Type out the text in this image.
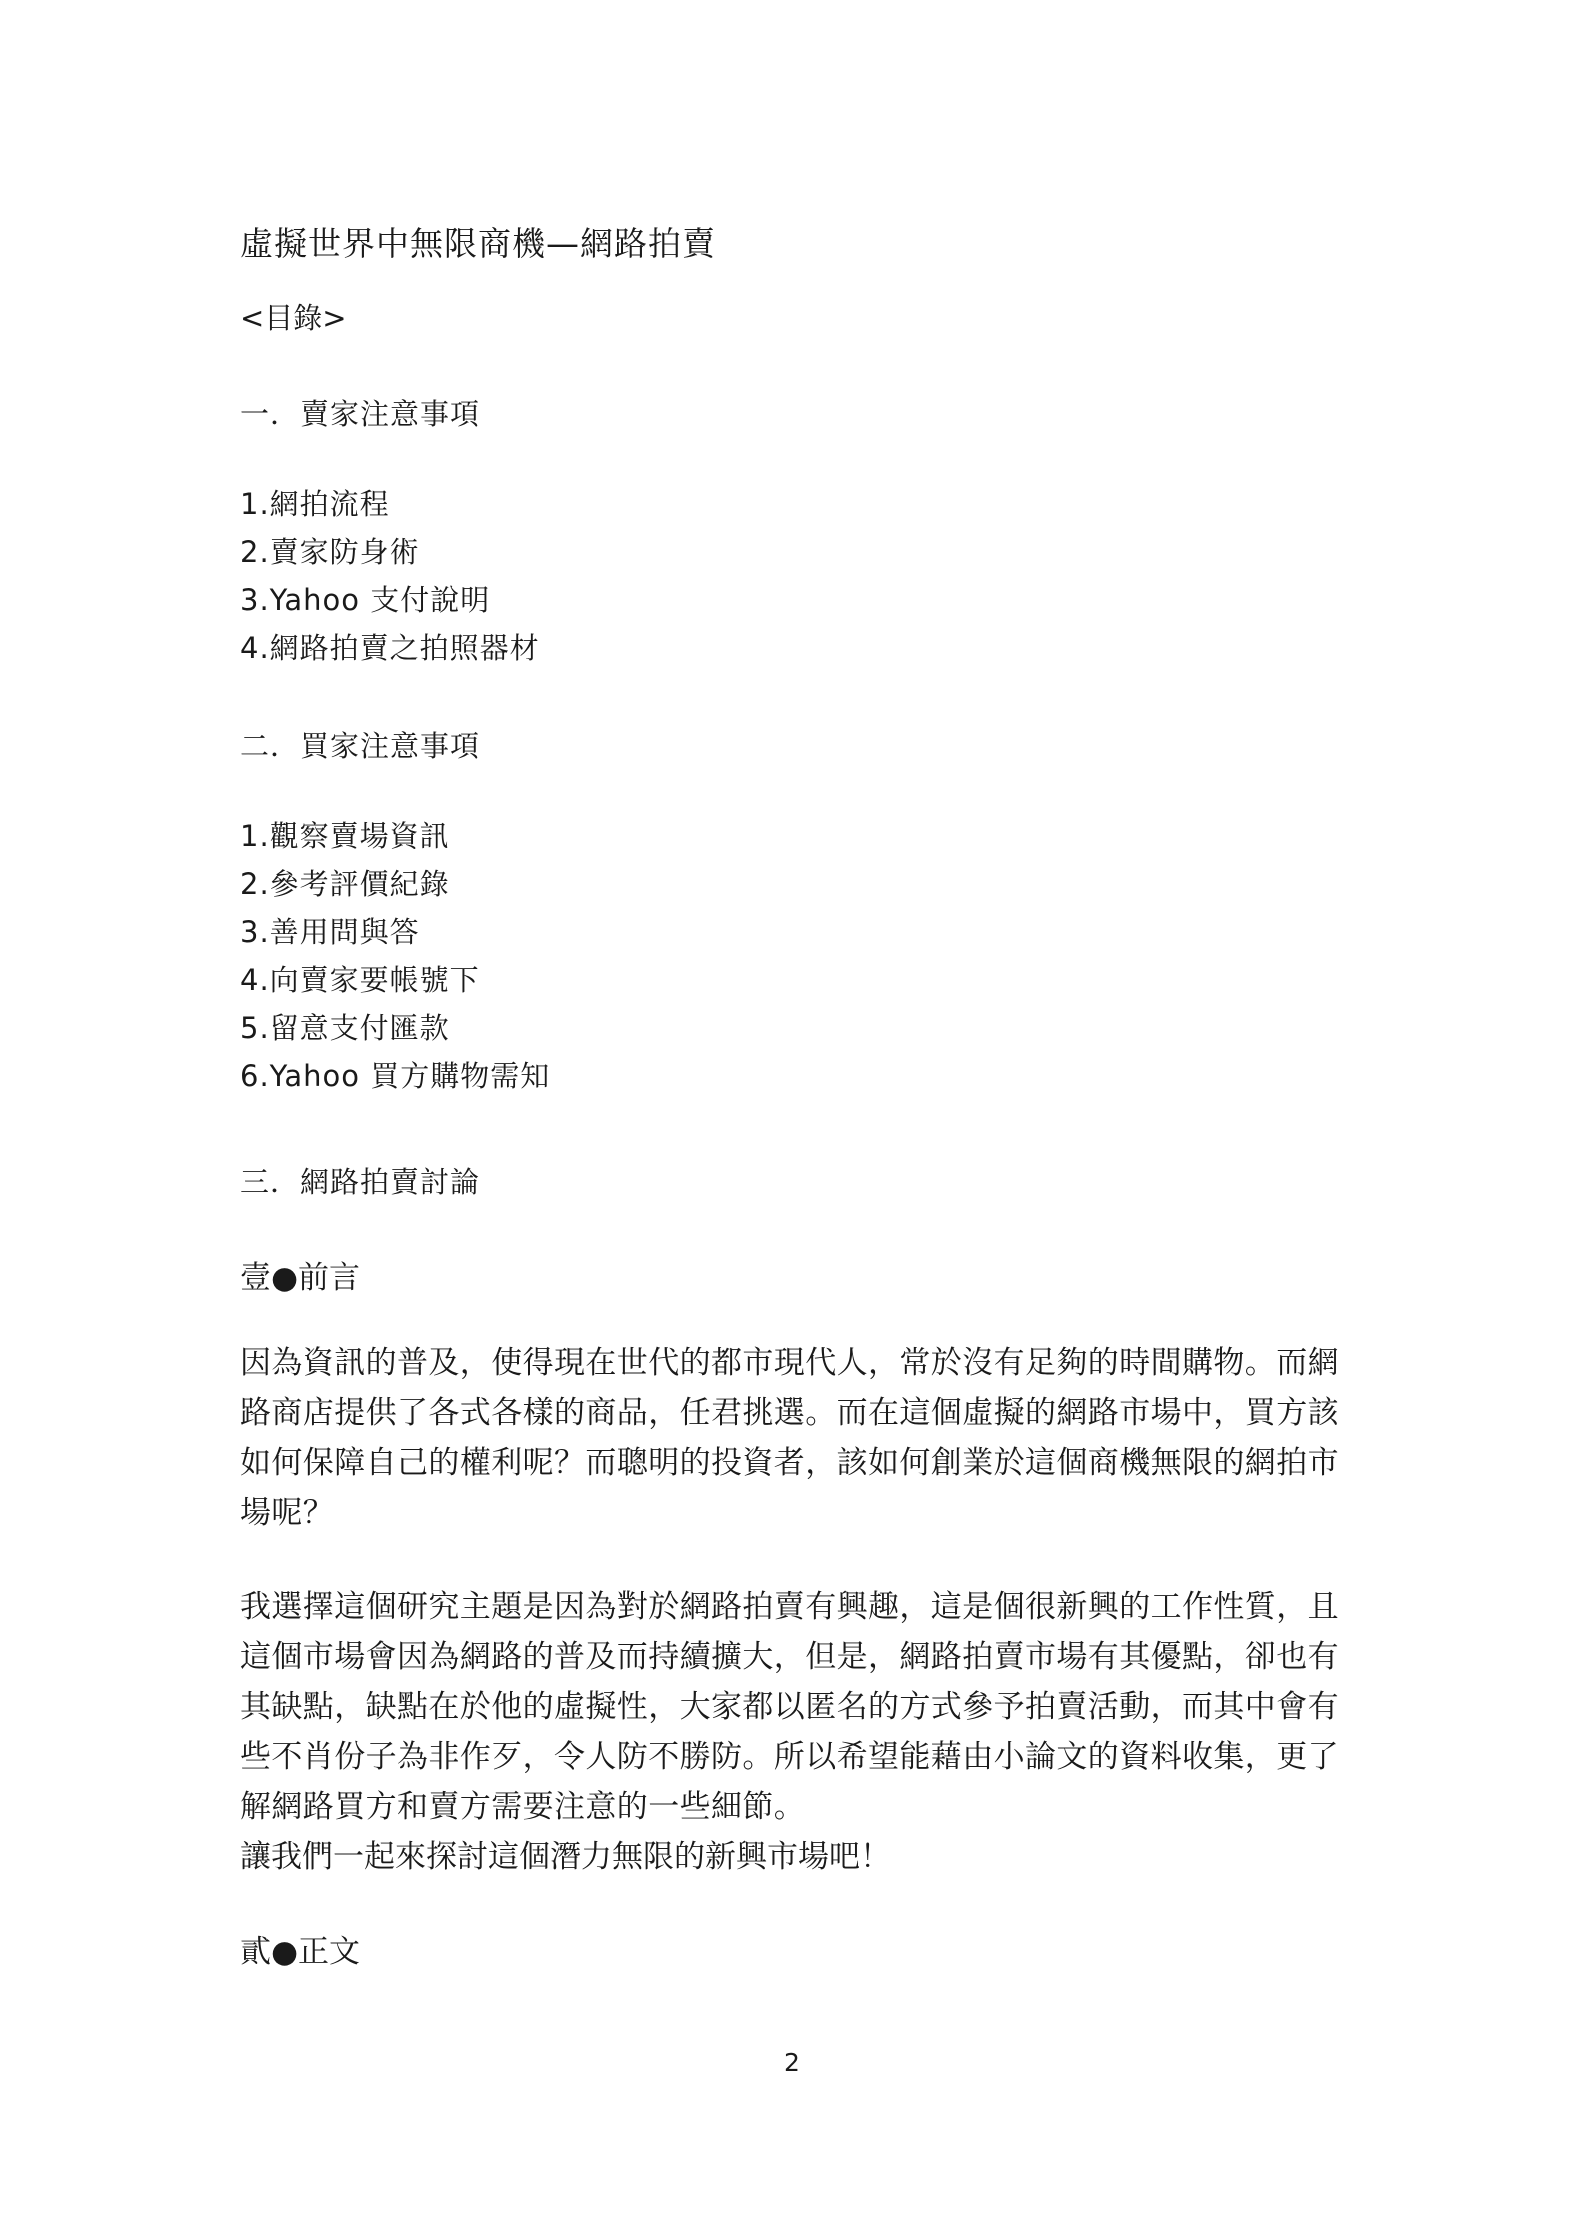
虛擬世界中無限商機—網路拍賣
<目錄>
一．賣家注意事項
1.網拍流程
2.賣家防身術
3.Yahoo 支付說明
4.網路拍賣之拍照器材
二．買家注意事項
1.觀察賣場資訊
2.參考評價紀錄
3.善用問與答
4.向賣家要帳號下
5.留意支付匯款
6.Yahoo 買方購物需知
三．網路拍賣討論
壹●前言

因為資訊的普及，使得現在世代的都市現代人，常於沒有足夠的時間購物。而網路商店提供了各式各樣的商品，任君挑選。而在這個虛擬的網路市場中，買方該如何保障自己的權利呢？而聰明的投資者，該如何創業於這個商機無限的網拍市場呢？

我選擇這個研究主題是因為對於網路拍賣有興趣，這是個很新興的工作性質，且這個市場會因為網路的普及而持續擴大，但是，網路拍賣市場有其優點，卻也有其缺點，缺點在於他的虛擬性，大家都以匿名的方式參予拍賣活動，而其中會有些不肖份子為非作歹，令人防不勝防。所以希望能藉由小論文的資料收集，更了解網路買方和賣方需要注意的一些細節。

讓我們一起來探討這個潛力無限的新興市場吧！
貳●正文
2
